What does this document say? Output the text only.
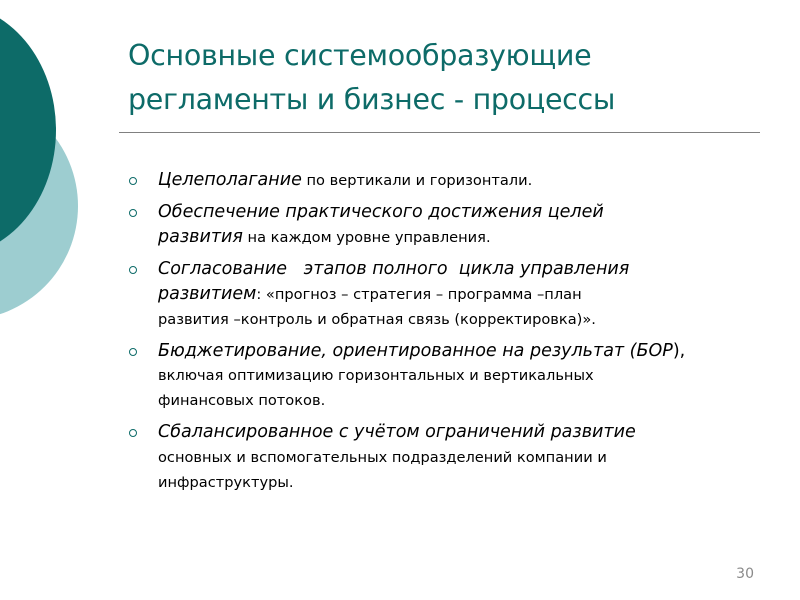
Основные системообразующие
регламенты и бизнес - процессы
Целеполагание по вертикали и горизонтали.
Обеспечение практического достижения целей
развития на каждом уровне управления.
Согласование   этапов полного  цикла управления
развитием: «прогноз – стратегия – программа –план
развития –контроль и обратная связь (корректировка)».
Бюджетирование, ориентированное на результат (БОР),
включая оптимизацию горизонтальных и вертикальных
финансовых потоков.
Сбалансированное с учётом ограничений развитие
основных и вспомогательных подразделений компании и
инфраструктуры.
30
